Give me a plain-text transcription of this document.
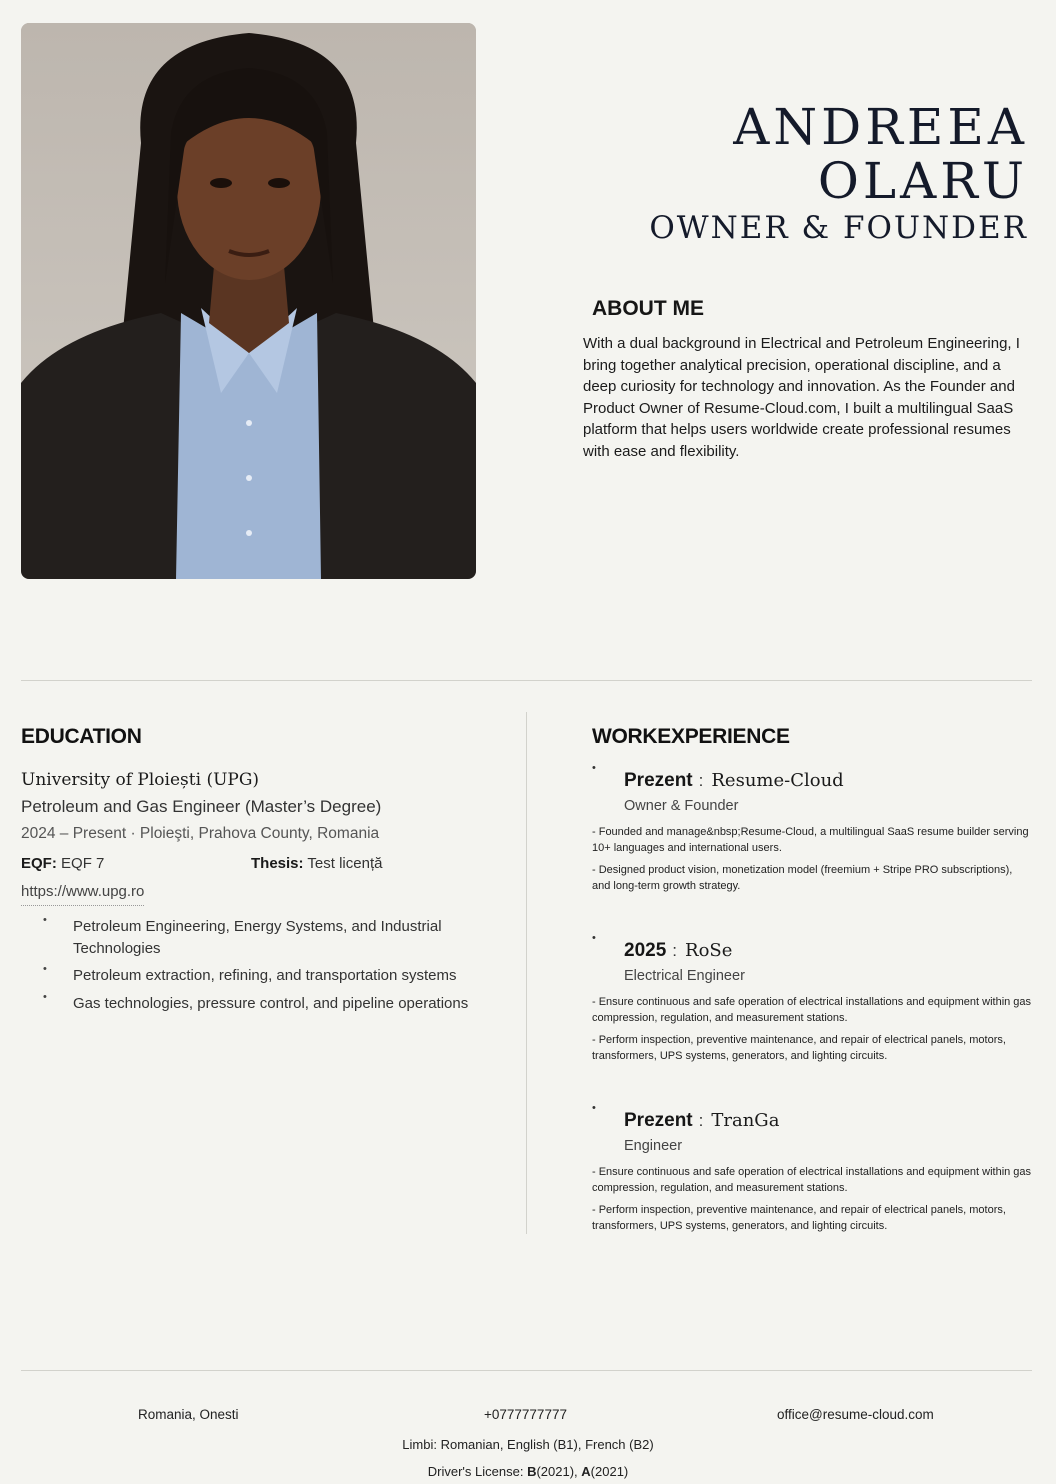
ANDREEA
OLARU
OWNER & FOUNDER
ABOUT ME
With a dual background in Electrical and Petroleum Engineering, I bring together analytical precision, operational discipline, and a deep curiosity for technology and innovation. As the Founder and Product Owner of Resume-Cloud.com, I built a multilingual SaaS platform that helps users worldwide create professional resumes with ease and flexibility.
EDUCATION
University of Ploiești (UPG)
Petroleum and Gas Engineer (Master’s Degree)
2024 – Present · Ploieşti, Prahova County, Romania
EQF: EQF 7	Thesis: Test licență
https://www.upg.ro
• Petroleum Engineering, Energy Systems, and Industrial Technologies
• Petroleum extraction, refining, and transportation systems
• Gas technologies, pressure control, and pipeline operations
WORKEXPERIENCE
•
Prezent : Resume-Cloud
Owner & Founder

- Founded and manage&nbsp;Resume-Cloud, a multilingual SaaS resume builder serving 10+ languages and international users.

- Designed product vision, monetization model (freemium + Stripe PRO subscriptions), and long-term growth strategy.

•
2025 : RoSe
Electrical Engineer

- Ensure continuous and safe operation of electrical installations and equipment within gas compression, regulation, and measurement stations.

- Perform inspection, preventive maintenance, and repair of electrical panels, motors, transformers, UPS systems, generators, and lighting circuits.

•
Prezent : TranGa
Engineer

- Ensure continuous and safe operation of electrical installations and equipment within gas compression, regulation, and measurement stations.

- Perform inspection, preventive maintenance, and repair of electrical panels, motors, transformers, UPS systems, generators, and lighting circuits.

Romania, Onesti	+0777777777	office@resume-cloud.com
Limbi: Romanian, English (B1), French (B2)
Driver's License: B(2021), A(2021)
